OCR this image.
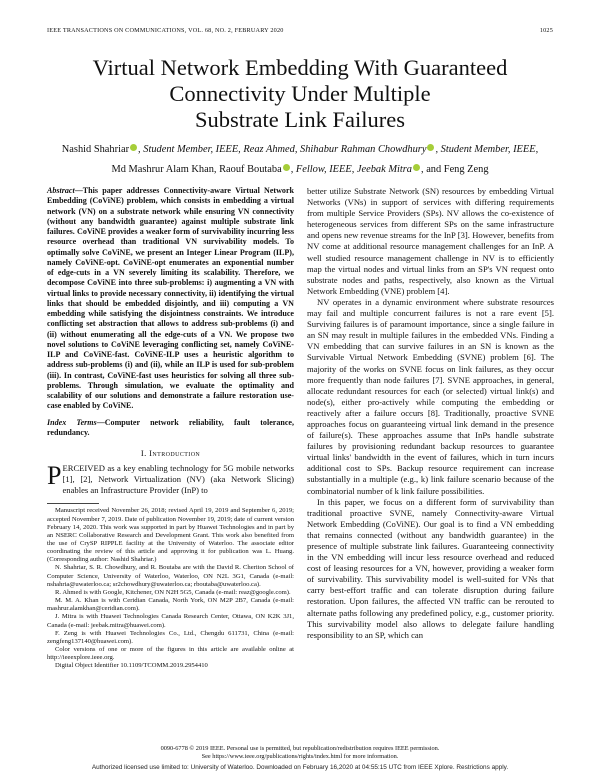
IEEE TRANSACTIONS ON COMMUNICATIONS, VOL. 68, NO. 2, FEBRUARY 2020	1025
Virtual Network Embedding With Guaranteed
Connectivity Under Multiple
Substrate Link Failures
Nashid Shahriar , Student Member, IEEE, Reaz Ahmed, Shihabur Rahman Chowdhury , Student Member, IEEE,
Md Mashrur Alam Khan, Raouf Boutaba , Fellow, IEEE, Jeebak Mitra , and Feng Zeng

Abstract—This paper addresses Connectivity-aware Virtual Network Embedding (CoViNE) problem, which consists in embedding a virtual network (VN) on a substrate network while ensuring VN connectivity (without any bandwidth guarantee) against multiple substrate link failures. CoViNE provides a weaker form of survivability incurring less resource overhead than traditional VN survivability models. To optimally solve CoViNE, we present an Integer Linear Program (ILP), namely CoViNE-opt. CoViNE-opt enumerates an exponential number of edge-cuts in a VN severely limiting its scalability. Therefore, we decompose CoViNE into three sub-problems: i) augmenting a VN with virtual links to provide necessary connectivity, ii) identifying the virtual links that should be embedded disjointly, and iii) computing a VN embedding while satisfying the disjointness constraints. We introduce conflicting set abstraction that allows to address sub-problems (i) and (ii) without enumerating all the edge-cuts of a VN. We propose two novel solutions to CoViNE leveraging conflicting set, namely CoViNE-ILP and CoViNE-fast. CoViNE-ILP uses a heuristic algorithm to address sub-problems (i) and (ii), while an ILP is used for sub-problem (iii). In contrast, CoViNE-fast uses heuristics for solving all three sub-problems. Through simulation, we evaluate the optimality and scalability of our solutions and demonstrate a failure restoration use-case enabled by CoViNE.

Index Terms—Computer network reliability, fault tolerance, redundancy.
I. Introduction

PERCEIVED as a key enabling technology for 5G mobile networks [1], [2], Network Virtualization (NV) (aka Network Slicing) enables an Infrastructure Provider (InP) to

Manuscript received November 26, 2018; revised April 19, 2019 and September 6, 2019; accepted November 7, 2019. Date of publication November 19, 2019; date of current version February 14, 2020. This work was supported in part by Huawei Technologies and in part by an NSERC Collaborative Research and Development Grant. This work also benefited from the use of CrySP RIPPLE facility at the University of Waterloo. The associate editor coordinating the review of this article and approving it for publication was L. Huang. (Corresponding author: Nashid Shahriar.)

N. Shahriar, S. R. Chowdhury, and R. Boutaba are with the David R. Cheriton School of Computer Science, University of Waterloo, Waterloo, ON N2L 3G1, Canada (e-mail: nshahria@uwaterloo.ca; sr2chowdhury@uwaterloo.ca; rboutaba@uwaterloo.ca).

R. Ahmed is with Google, Kitchener, ON N2H 5G5, Canada (e-mail: reaz@google.com).

M. M. A. Khan is with Ceridian Canada, North York, ON M2P 2B7, Canada (e-mail: mashrur.alamkhan@ceridian.com).

J. Mitra is with Huawei Technologies Canada Research Center, Ottawa, ON K2K 3J1, Canada (e-mail: jeebak.mitra@huawei.com).

F. Zeng is with Huawei Technologies Co., Ltd., Chengdu 611731, China (e-mail: zengfeng137140@huawei.com).

Color versions of one or more of the figures in this article are available online at http://ieeexplore.ieee.org.

Digital Object Identifier 10.1109/TCOMM.2019.2954410

better utilize Substrate Network (SN) resources by embedding Virtual Networks (VNs) in support of services with differing requirements from multiple Service Providers (SPs). NV allows the co-existence of heterogeneous services from different SPs on the same infrastructure and opens new revenue streams for the InP [3]. However, benefits from NV come at additional resource management challenges for an InP. A well studied resource management challenge in NV is to efficiently map the virtual nodes and virtual links from an SP's VN request onto substrate nodes and paths, respectively, also known as the Virtual Network Embedding (VNE) problem [4].

NV operates in a dynamic environment where substrate resources may fail and multiple concurrent failures is not a rare event [5]. Surviving failures is of paramount importance, since a single failure in an SN may result in multiple failures in the embedded VNs. Finding a VN embedding that can survive failures in an SN is known as the Survivable Virtual Network Embedding (SVNE) problem [6]. The majority of the works on SVNE focus on link failures, as they occur more frequently than node failures [7]. SVNE approaches, in general, allocate redundant resources for each (or selected) virtual link(s) and node(s), either pro-actively while computing the embedding or reactively after a failure occurs [8]. Traditionally, proactive SVNE approaches focus on guaranteeing virtual link demand in the presence of failure(s). These approaches assume that InPs handle substrate failures by provisioning redundant backup resources to guarantee virtual links' bandwidth in the event of failures, which in turn incurs additional cost to SPs. Backup resource requirement can increase substantially in a multiple (e.g., k) link failure scenario because of the combinatorial number of k link failure possibilities.

In this paper, we focus on a different form of survivability than traditional proactive SVNE, namely Connectivity-aware Virtual Network Embedding (CoViNE). Our goal is to find a VN embedding that remains connected (without any bandwidth guarantee) in the presence of multiple substrate link failures. Guaranteeing connectivity in the VN embedding will incur less resource overhead and reduced cost of leasing resources for a VN, however, providing a weaker form of survivability. This survivability model is well-suited for VNs that carry best-effort traffic and can tolerate disruption during failure restoration. Upon failures, the affected VN traffic can be rerouted to alternate paths following any predefined policy, e.g., customer priority. This survivability model also allows to delegate failure handling responsibility to an SP, which can

0090-6778 © 2019 IEEE. Personal use is permitted, but republication/redistribution requires IEEE permission.
See https://www.ieee.org/publications/rights/index.html for more information.
Authorized licensed use limited to: University of Waterloo. Downloaded on February 16,2020 at 04:55:15 UTC from IEEE Xplore. Restrictions apply.
